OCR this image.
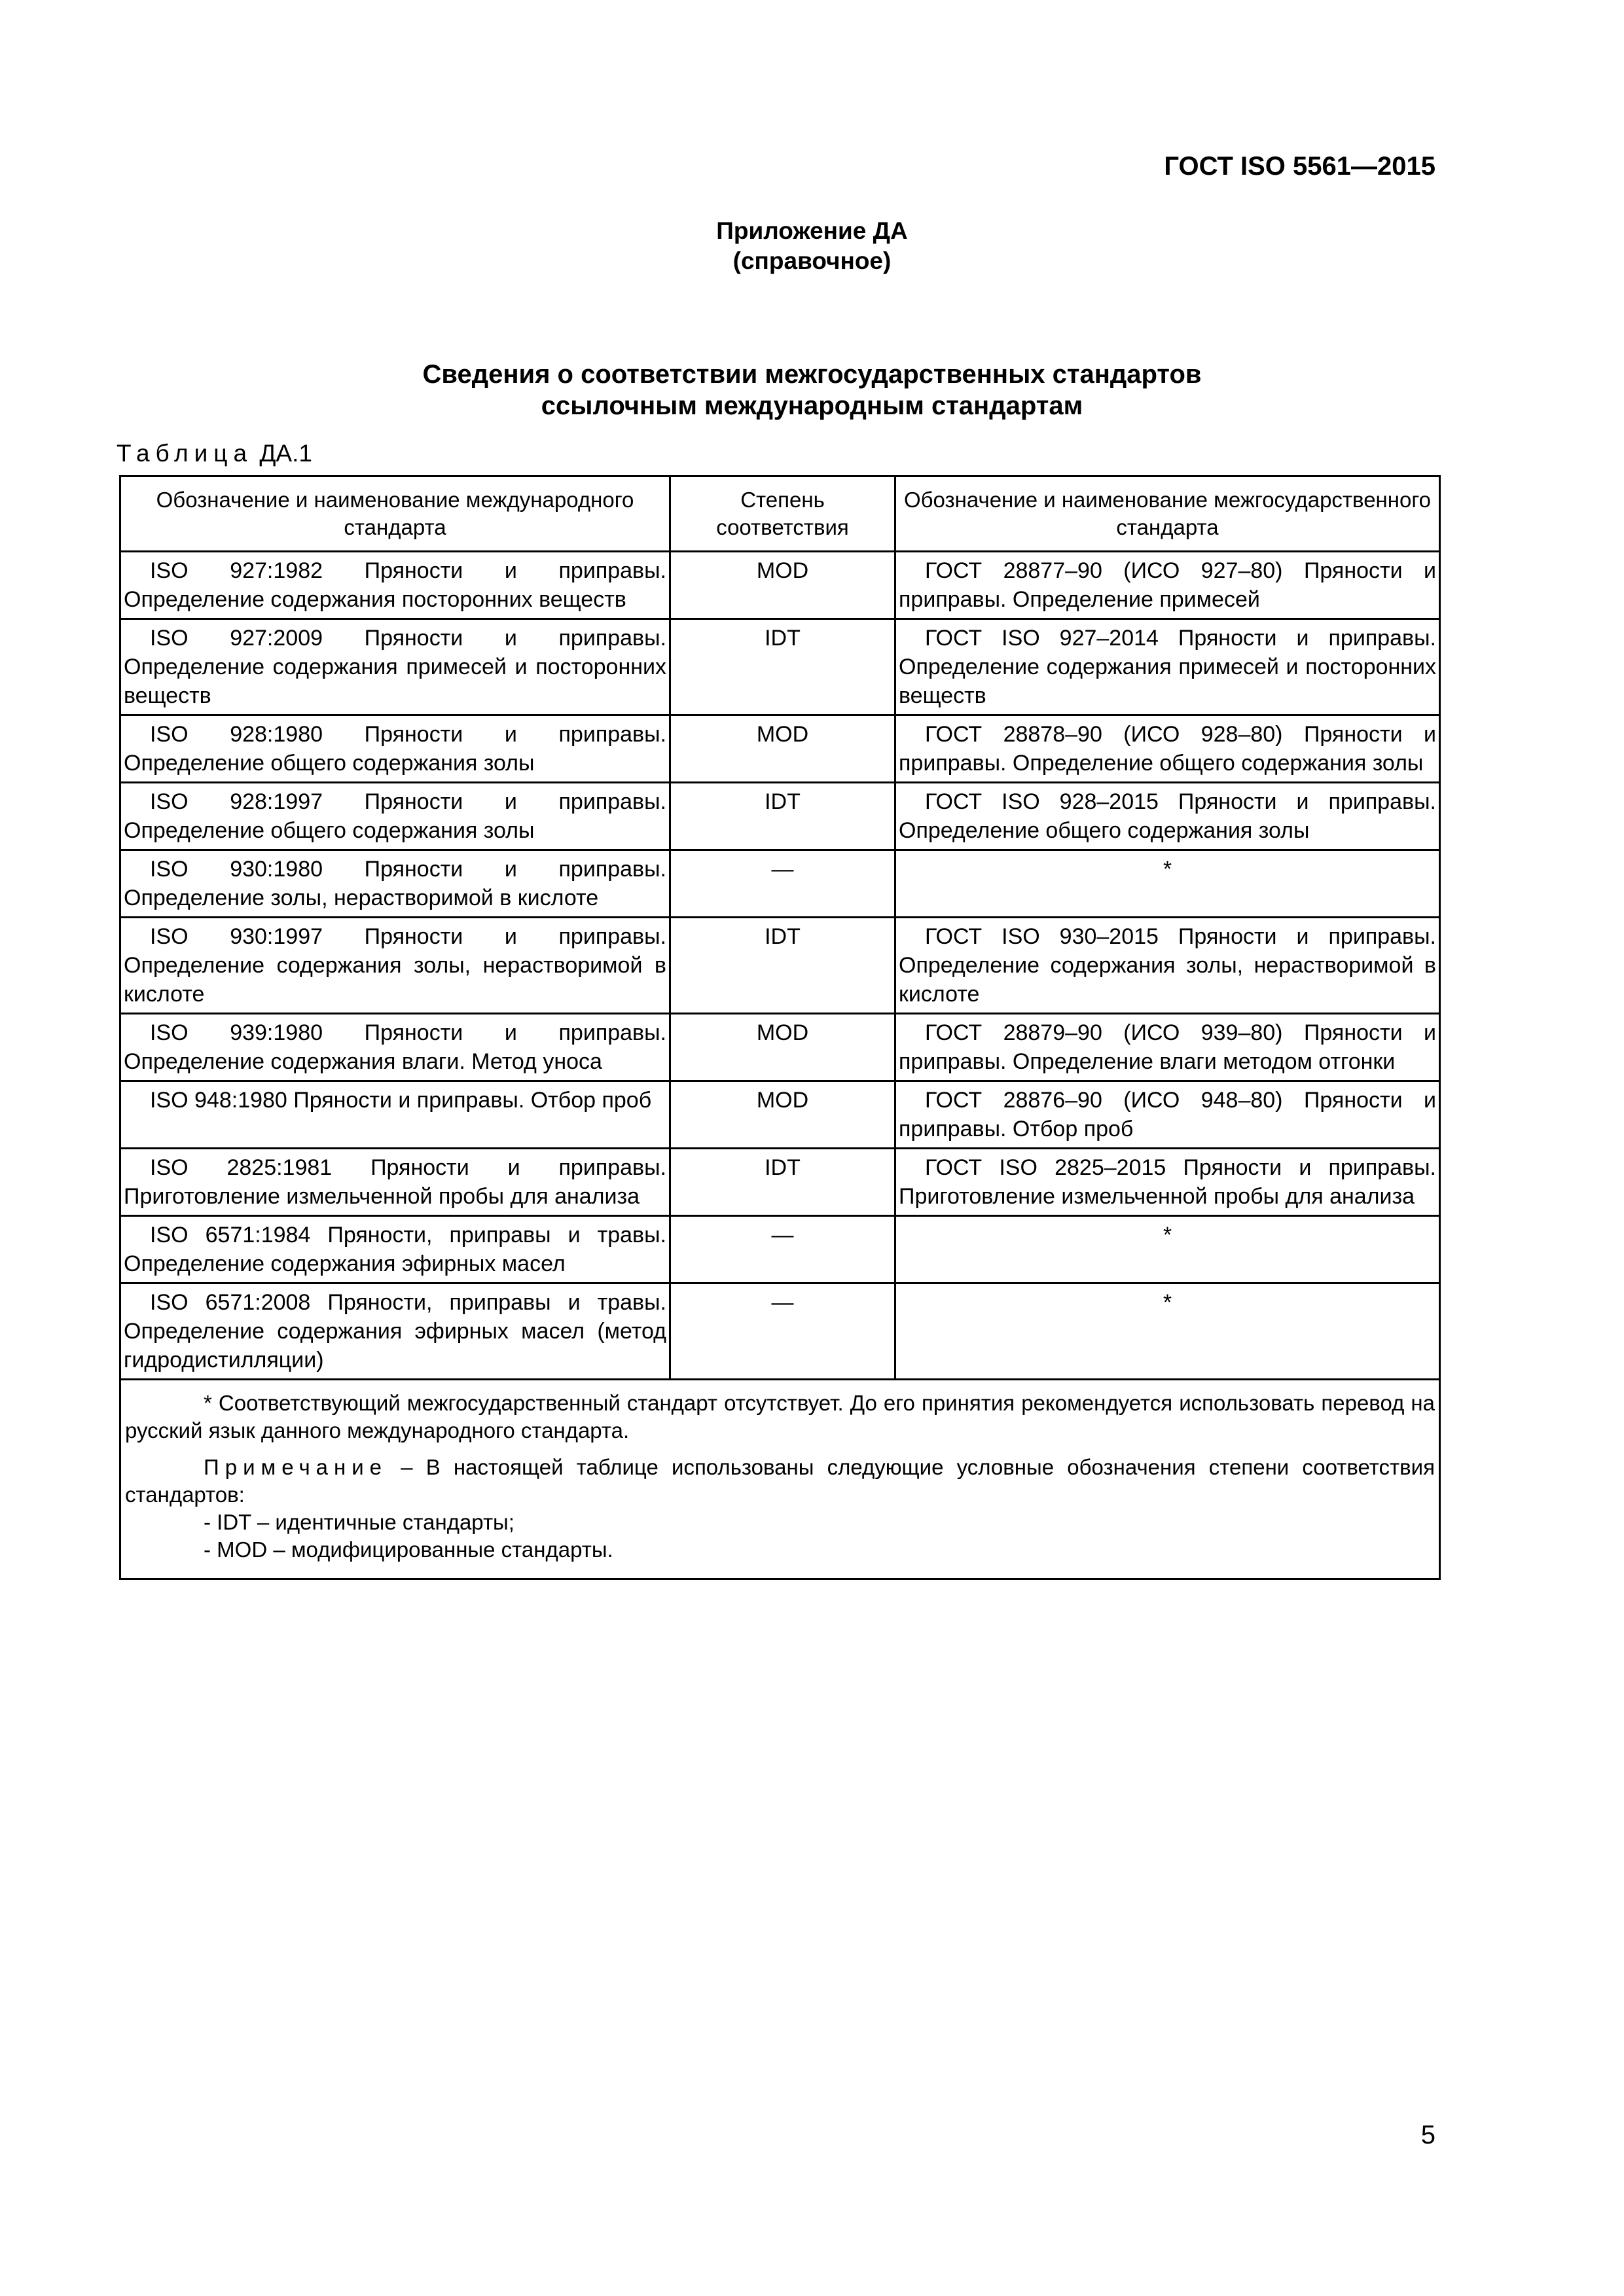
ГОСТ ISO 5561—2015
Приложение ДА
(справочное)
Сведения о соответствии межгосударственных стандартов
ссылочным международным стандартам
Таблица ДА.1
Обозначение и наименование международного стандарта	Степень соответствия	Обозначение и наименование межгосударственного стандарта
ISO 927:1982 Пряности и приправы. Определение содержания посторонних веществ	MOD	ГОСТ 28877–90 (ИСО 927–80) Пряности и приправы. Определение примесей
ISO 927:2009 Пряности и приправы. Определение содержания примесей и посторонних веществ	IDT	ГОСТ ISO 927–2014 Пряности и приправы. Определение содержания примесей и посторонних веществ
ISO 928:1980 Пряности и приправы. Определение общего содержания золы	MOD	ГОСТ 28878–90 (ИСО 928–80) Пряности и приправы. Определение общего содержания золы
ISO 928:1997 Пряности и приправы. Определение общего содержания золы	IDT	ГОСТ ISO 928–2015 Пряности и приправы. Определение общего содержания золы
ISO 930:1980 Пряности и приправы. Определение золы, нерастворимой в кислоте	—	*
ISO 930:1997 Пряности и приправы. Определение содержания золы, нерастворимой в кислоте	IDT	ГОСТ ISO 930–2015 Пряности и приправы. Определение содержания золы, нерастворимой в кислоте
ISO 939:1980 Пряности и приправы. Определение содержания влаги. Метод уноса	MOD	ГОСТ 28879–90 (ИСО 939–80) Пряности и приправы. Определение влаги методом отгонки
ISO 948:1980 Пряности и приправы. Отбор проб	MOD	ГОСТ 28876–90 (ИСО 948–80) Пряности и приправы. Отбор проб
ISO 2825:1981 Пряности и приправы. Приготовление измельченной пробы для анализа	IDT	ГОСТ ISO 2825–2015 Пряности и приправы. Приготовление измельченной пробы для анализа
ISO 6571:1984 Пряности, приправы и травы. Определение содержания эфирных масел	—	*
ISO 6571:2008 Пряности, приправы и травы. Определение содержания эфирных масел (метод гидродистилляции)	—	*

* Соответствующий межгосударственный стандарт отсутствует. До его принятия рекомендуется использовать перевод на русский язык данного международного стандарта.

Примечание – В настоящей таблице использованы следующие условные обозначения степени соответствия стандартов:

- IDT – идентичные стандарты;

- MOD – модифицированные стандарты.		

5
